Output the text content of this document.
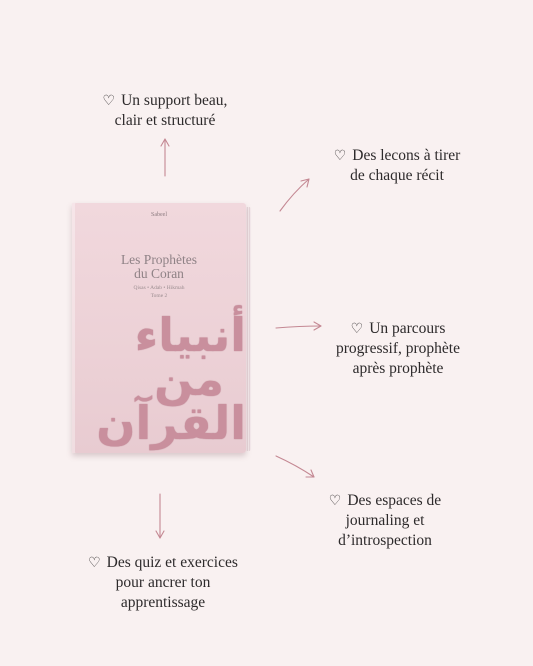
♡ Un support beau,
clair et structuré
♡ Des lecons à tirer
de chaque récit
♡ Un parcours
progressif, prophète
après prophète
♡ Des espaces de
journaling et
d’introspection
♡ Des quiz et exercices
pour ancrer ton
apprentissage
Sabeel
Les Prophètes
du Coran
Qisas • Adab • Hikmah
Tome 2
أنبياء
من
القرآن
